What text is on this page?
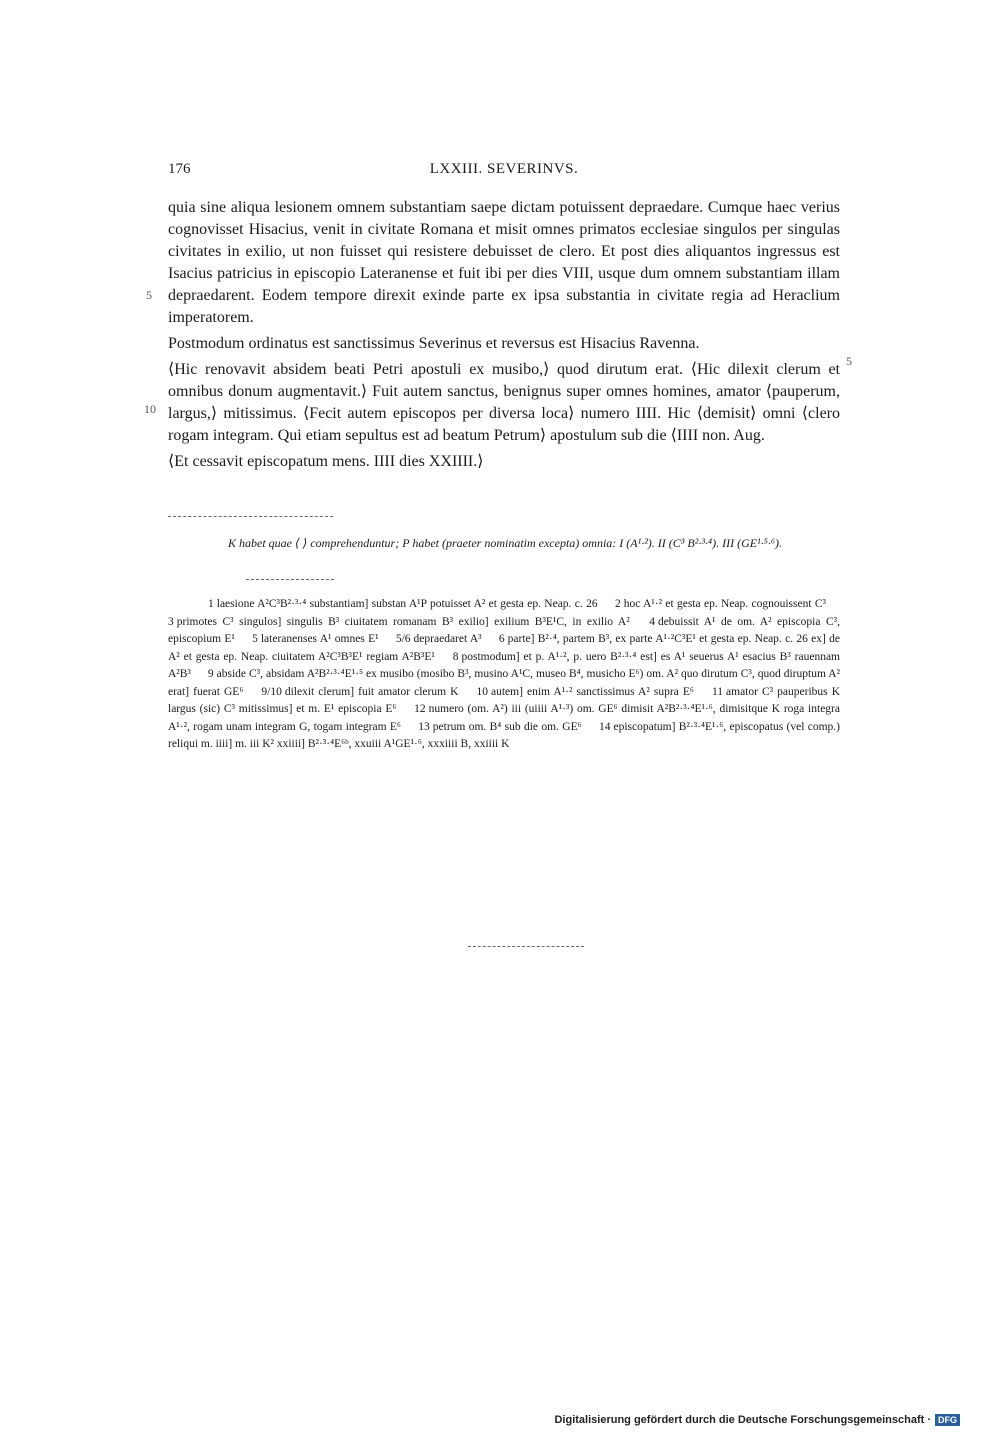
176	LXXIII. SEVERINVS.

quia sine aliqua lesionem omnem substantiam saepe dictam potuissent depraedare. Cumque haec verius cognovisset Hisacius, venit in civitate Romana et misit omnes primatos ecclesiae singulos per singulas civitates in exilio, ut non fuisset qui resistere debuisset de clero. Et post dies aliquantos ingressus est Isacius patricius in episcopio Lateranense et fuit ibi per dies VIII, usque dum omnem substantiam illam depraedarent. Eodem tempore direxit exinde parte ex ipsa substantia in civitate regia ad Heraclium imperatorem.

Postmodum ordinatus est sanctissimus Severinus et reversus est Hisacius Ravenna.

⟨Hic renovavit absidem beati Petri apostuli ex musibo,⟩ quod dirutum erat. ⟨Hic dilexit clerum et omnibus donum augmentavit.⟩ Fuit autem sanctus, benignus super omnes homines, amator ⟨pauperum, largus,⟩ mitissimus. ⟨Fecit autem episcopos per diversa loca⟩ numero IIII. Hic ⟨demisit⟩ omni ⟨clero rogam integram. Qui etiam sepultus est ad beatum Petrum⟩ apostulum sub die ⟨IIII non. Aug.

⟨Et cessavit episcopatum mens. IIII dies XXIIII.⟩

5
5
10
K habet quae ⟨ ⟩ comprehenduntur; P habet (praeter nominatim excepta) omnia: I (A¹·²). II (C³ B²·³·⁴). III (GE¹·⁵·⁶).
1 laesione A²C³B²·³·⁴ substantiam] substan A¹P potuisset A² et gesta ep. Neap. c. 26 2 hoc A¹·² et gesta ep. Neap. cognouissent C³ 3 primotes C³ singulos] singulis B³ ciuitatem romanam B³ exilio] exilium B³E¹C, in exilio A² 4 debuissit A¹ de om. A² episcopia C³, episcopium E¹ 5 lateranenses A¹ omnes E¹ 5/6 depraedaret A³ 6 parte] B²·⁴, partem B³, ex parte A¹·²C³E¹ et gesta ep. Neap. c. 26 ex] de A² et gesta ep. Neap. ciuitatem A²C³B³E¹ regiam A²B³E¹ 8 postmodum] et p. A¹·², p. uero B²·³·⁴ est] es A¹ seuerus A¹ esacius B³ rauennam A²B³ 9 abside C³, absidam A²B²·³·⁴E¹·⁵ ex musibo (mosibo B³, musino A¹C, museo B⁴, musicho E⁶) om. A² quo dirutum C³, quod diruptum A² erat] fuerat GE⁶ 9/10 dilexit clerum] fuit amator clerum K 10 autem] enim A¹·² sanctissimus A² supra E⁶ 11 amator C³ pauperibus K largus (sic) C³ mitissimus] et m. E¹ episcopia E⁶ 12 numero (om. A²) iii (uiiii A¹·³) om. GE⁶ dimisit A²B²·³·⁴E¹·⁶, dimisitque K roga integra A¹·², rogam unam integram G, togam integram E⁶ 13 petrum om. B⁴ sub die om. GE⁶ 14 episcopatum] B²·³·⁴E¹·⁶, episcopatus (vel comp.) reliqui m. iiii] m. iii K² xxiiii] B²·³·⁴E⁶ᵇ, xxuiii A¹GE¹·⁶, xxxiiii B, xxiiii K
Digitalisierung gefördert durch die Deutsche Forschungsgemeinschaft · DFG
